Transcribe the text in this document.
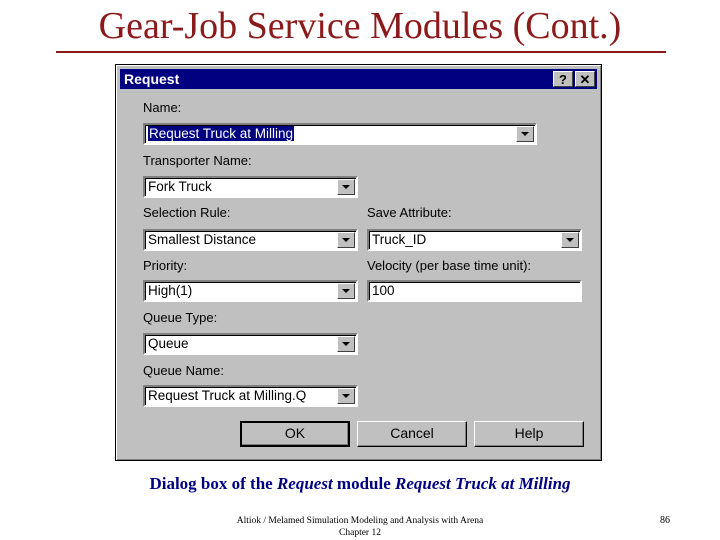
Gear-Job Service Modules (Cont.)
Request	? ✕
Name:
Request Truck at Milling
Transporter Name:
Fork Truck
Selection Rule:	Save Attribute:
Smallest Distance	Truck_ID
Priority:	Velocity (per base time unit):
High(1)	100
Queue Type:
Queue
Queue Name:
Request Truck at Milling.Q
OK	Cancel	Help
Dialog box of the Request module Request Truck at Milling
Altiok / Melamed Simulation Modeling and Analysis with Arena
Chapter 12
86
